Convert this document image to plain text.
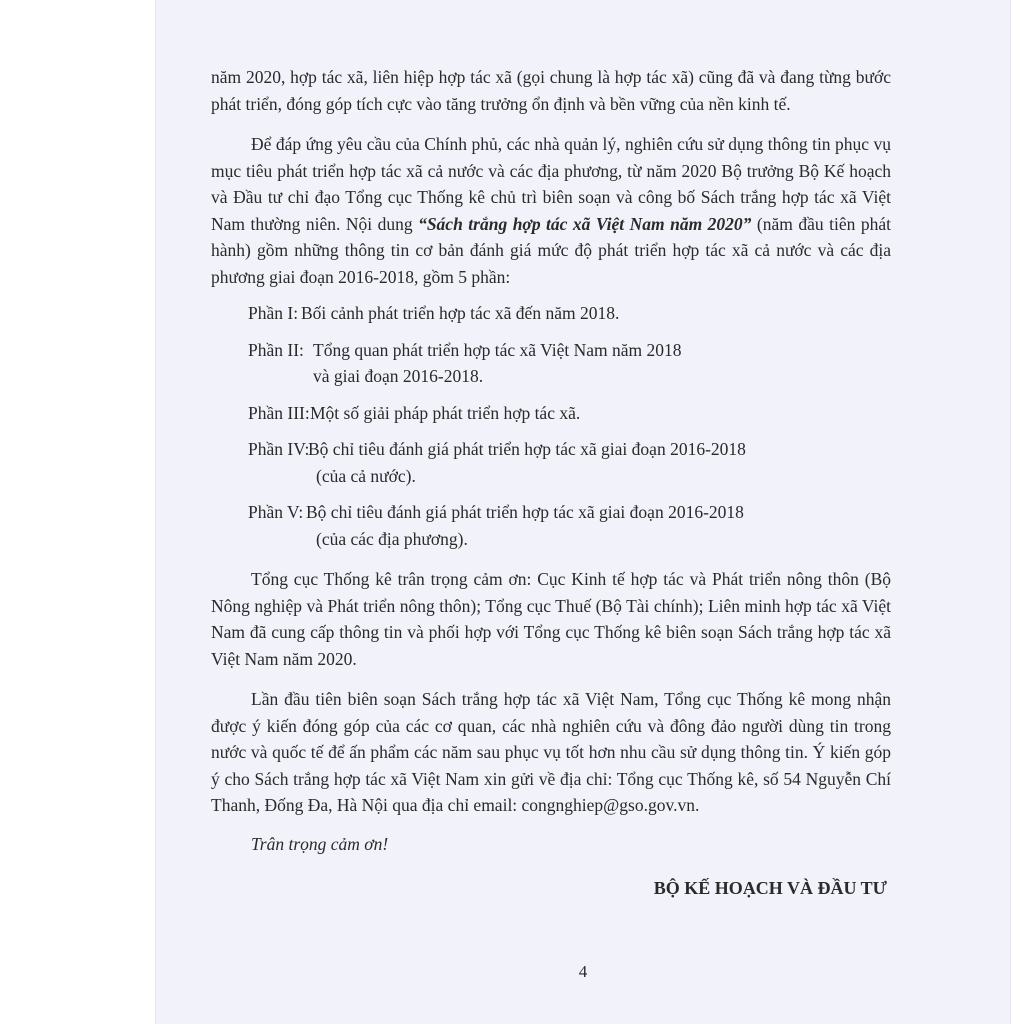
năm 2020, hợp tác xã, liên hiệp hợp tác xã (gọi chung là hợp tác xã) cũng đã và đang từng bước phát triển, đóng góp tích cực vào tăng trưởng ổn định và bền vững của nền kinh tế.

Để đáp ứng yêu cầu của Chính phủ, các nhà quản lý, nghiên cứu sử dụng thông tin phục vụ mục tiêu phát triển hợp tác xã cả nước và các địa phương, từ năm 2020 Bộ trưởng Bộ Kế hoạch và Đầu tư chỉ đạo Tổng cục Thống kê chủ trì biên soạn và công bố Sách trắng hợp tác xã Việt Nam thường niên. Nội dung “Sách trắng hợp tác xã Việt Nam năm 2020” (năm đầu tiên phát hành) gồm những thông tin cơ bản đánh giá mức độ phát triển hợp tác xã cả nước và các địa phương giai đoạn 2016-2018, gồm 5 phần:

Phần I: Bối cảnh phát triển hợp tác xã đến năm 2018.
Phần II: Tổng quan phát triển hợp tác xã Việt Nam năm 2018
và giai đoạn 2016-2018.
Phần III: Một số giải pháp phát triển hợp tác xã.
Phần IV:
Bộ chỉ tiêu đánh giá phát triển hợp tác xã giai đoạn 2016-2018
(của cả nước).
Phần V: Bộ chỉ tiêu đánh giá phát triển hợp tác xã giai đoạn 2016-2018
(của các địa phương).

Tổng cục Thống kê trân trọng cảm ơn: Cục Kinh tế hợp tác và Phát triển nông thôn (Bộ Nông nghiệp và Phát triển nông thôn); Tổng cục Thuế (Bộ Tài chính); Liên minh hợp tác xã Việt Nam đã cung cấp thông tin và phối hợp với Tổng cục Thống kê biên soạn Sách trắng hợp tác xã Việt Nam năm 2020.

Lần đầu tiên biên soạn Sách trắng hợp tác xã Việt Nam, Tổng cục Thống kê mong nhận được ý kiến đóng góp của các cơ quan, các nhà nghiên cứu và đông đảo người dùng tin trong nước và quốc tế để ấn phẩm các năm sau phục vụ tốt hơn nhu cầu sử dụng thông tin. Ý kiến góp ý cho Sách trắng hợp tác xã Việt Nam xin gửi về địa chỉ: Tổng cục Thống kê, số 54 Nguyễn Chí Thanh, Đống Đa, Hà Nội qua địa chỉ email: congnghiep@gso.gov.vn.

Trân trọng cảm ơn!
BỘ KẾ HOẠCH VÀ ĐẦU TƯ
4
